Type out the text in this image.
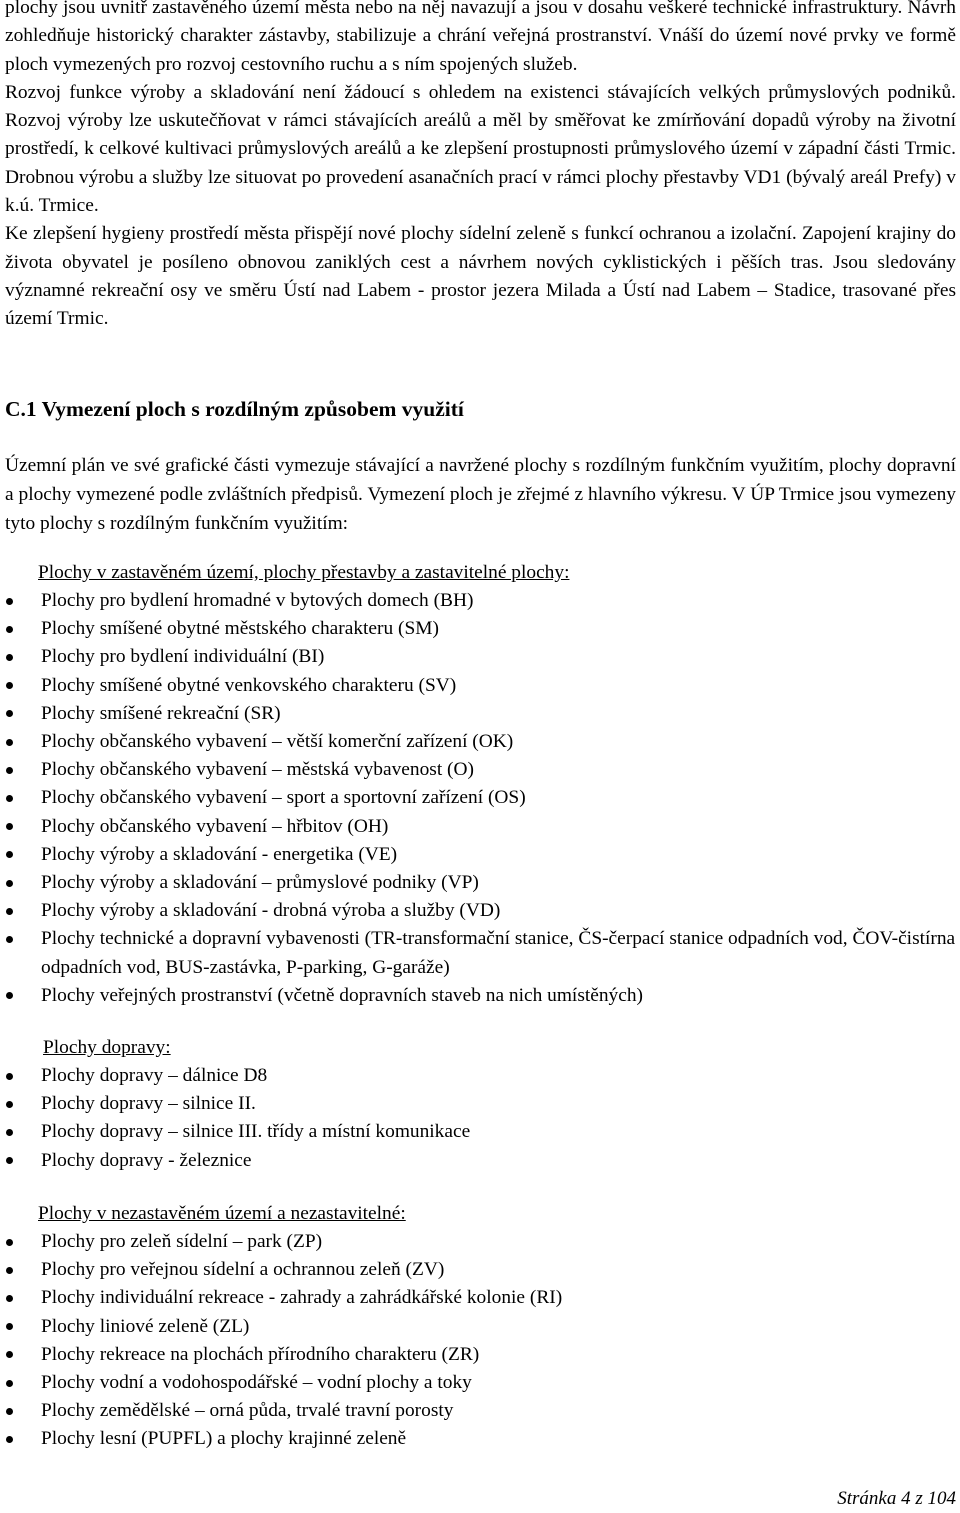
plochy jsou uvnitř zastavěného území města nebo na něj navazují a jsou v dosahu veškeré technické infrastruktury. Návrh zohledňuje historický charakter zástavby, stabilizuje a chrání veřejná prostranství. Vnáší do území nové prvky ve formě ploch vymezených pro rozvoj cestovního ruchu a s ním spojených služeb.

Rozvoj funkce výroby a skladování není žádoucí s ohledem na existenci stávajících velkých průmyslových podniků. Rozvoj výroby lze uskutečňovat v rámci stávajících areálů a měl by směřovat ke zmírňování dopadů výroby na životní prostředí, k celkové kultivaci průmyslových areálů a ke zlepšení prostupnosti průmyslového území v západní části Trmic. Drobnou výrobu a služby lze situovat po provedení asanačních prací v rámci plochy přestavby VD1 (bývalý areál Prefy) v k.ú. Trmice.

Ke zlepšení hygieny prostředí města přispějí nové plochy sídelní zeleně s funkcí ochranou a izolační. Zapojení krajiny do života obyvatel je posíleno obnovou zaniklých cest a návrhem nových cyklistických i pěších tras. Jsou sledovány významné rekreační osy ve směru Ústí nad Labem - prostor jezera Milada a Ústí nad Labem – Stadice, trasované přes území Trmic.

C.1 Vymezení ploch s rozdílným způsobem využití

Územní plán ve své grafické části vymezuje stávající a navržené plochy s rozdílným funkčním využitím, plochy dopravní a plochy vymezené podle zvláštních předpisů. Vymezení ploch je zřejmé z hlavního výkresu. V ÚP Trmice jsou vymezeny tyto plochy s rozdílným funkčním využitím:

Plochy v zastavěném území, plochy přestavby a zastavitelné plochy:

Plochy pro bydlení hromadné v bytových domech (BH)
Plochy smíšené obytné městského charakteru (SM)
Plochy pro bydlení individuální (BI)
Plochy smíšené obytné venkovského charakteru (SV)
Plochy smíšené rekreační (SR)
Plochy občanského vybavení – větší komerční zařízení (OK)
Plochy občanského vybavení – městská vybavenost (O)
Plochy občanského vybavení – sport a sportovní zařízení (OS)
Plochy občanského vybavení – hřbitov (OH)
Plochy výroby a skladování - energetika (VE)
Plochy výroby a skladování – průmyslové podniky (VP)
Plochy výroby a skladování - drobná výroba a služby (VD)
Plochy technické a dopravní vybavenosti (TR-transformační stanice, ČS-čerpací stanice odpadních vod, ČOV-čistírna odpadních vod, BUS-zastávka, P-parking, G-garáže)
Plochy veřejných prostranství (včetně dopravních staveb na nich umístěných)

Plochy dopravy:

Plochy dopravy – dálnice D8
Plochy dopravy – silnice II.
Plochy dopravy – silnice III. třídy a místní komunikace
Plochy dopravy - železnice

Plochy v nezastavěném území a nezastavitelné:

Plochy pro zeleň sídelní – park (ZP)
Plochy pro veřejnou sídelní a ochrannou zeleň (ZV)
Plochy individuální rekreace - zahrady a zahrádkářské kolonie (RI)
Plochy liniové zeleně (ZL)
Plochy rekreace na plochách přírodního charakteru (ZR)
Plochy vodní a vodohospodářské – vodní plochy a toky
Plochy zemědělské – orná půda, trvalé travní porosty
Plochy lesní (PUPFL) a plochy krajinné zeleně
Stránka 4 z 104
